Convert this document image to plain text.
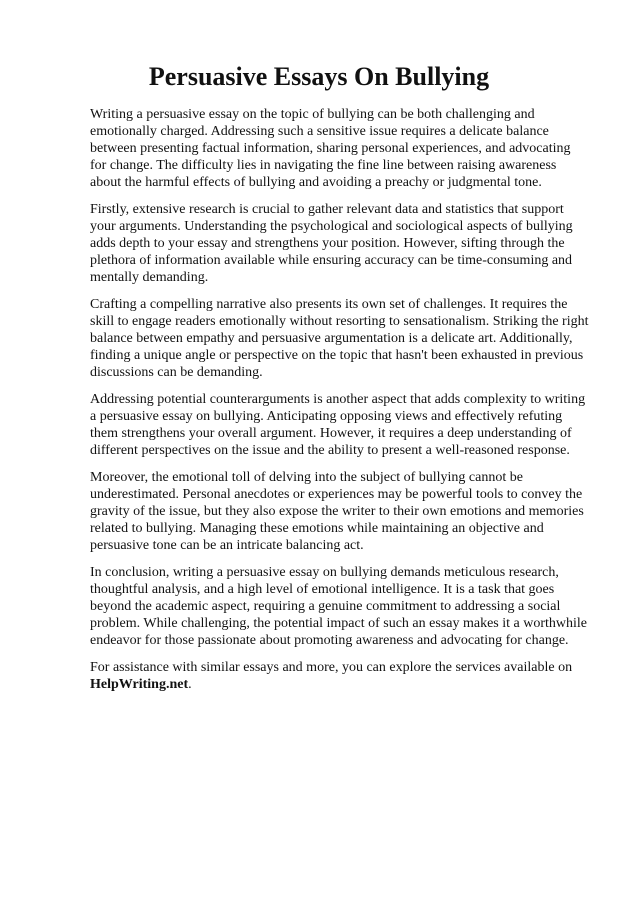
Persuasive Essays On Bullying

Writing a persuasive essay on the topic of bullying can be both challenging and emotionally charged. Addressing such a sensitive issue requires a delicate balance between presenting factual information, sharing personal experiences, and advocating for change. The difficulty lies in navigating the fine line between raising awareness about the harmful effects of bullying and avoiding a preachy or judgmental tone.

Firstly, extensive research is crucial to gather relevant data and statistics that support your arguments. Understanding the psychological and sociological aspects of bullying adds depth to your essay and strengthens your position. However, sifting through the plethora of information available while ensuring accuracy can be time-consuming and mentally demanding.

Crafting a compelling narrative also presents its own set of challenges. It requires the skill to engage readers emotionally without resorting to sensationalism. Striking the right balance between empathy and persuasive argumentation is a delicate art. Additionally, finding a unique angle or perspective on the topic that hasn't been exhausted in previous discussions can be demanding.

Addressing potential counterarguments is another aspect that adds complexity to writing a persuasive essay on bullying. Anticipating opposing views and effectively refuting them strengthens your overall argument. However, it requires a deep understanding of different perspectives on the issue and the ability to present a well-reasoned response.

Moreover, the emotional toll of delving into the subject of bullying cannot be underestimated. Personal anecdotes or experiences may be powerful tools to convey the gravity of the issue, but they also expose the writer to their own emotions and memories related to bullying. Managing these emotions while maintaining an objective and persuasive tone can be an intricate balancing act.

In conclusion, writing a persuasive essay on bullying demands meticulous research, thoughtful analysis, and a high level of emotional intelligence. It is a task that goes beyond the academic aspect, requiring a genuine commitment to addressing a social problem. While challenging, the potential impact of such an essay makes it a worthwhile endeavor for those passionate about promoting awareness and advocating for change.

For assistance with similar essays and more, you can explore the services available on HelpWriting.net.
